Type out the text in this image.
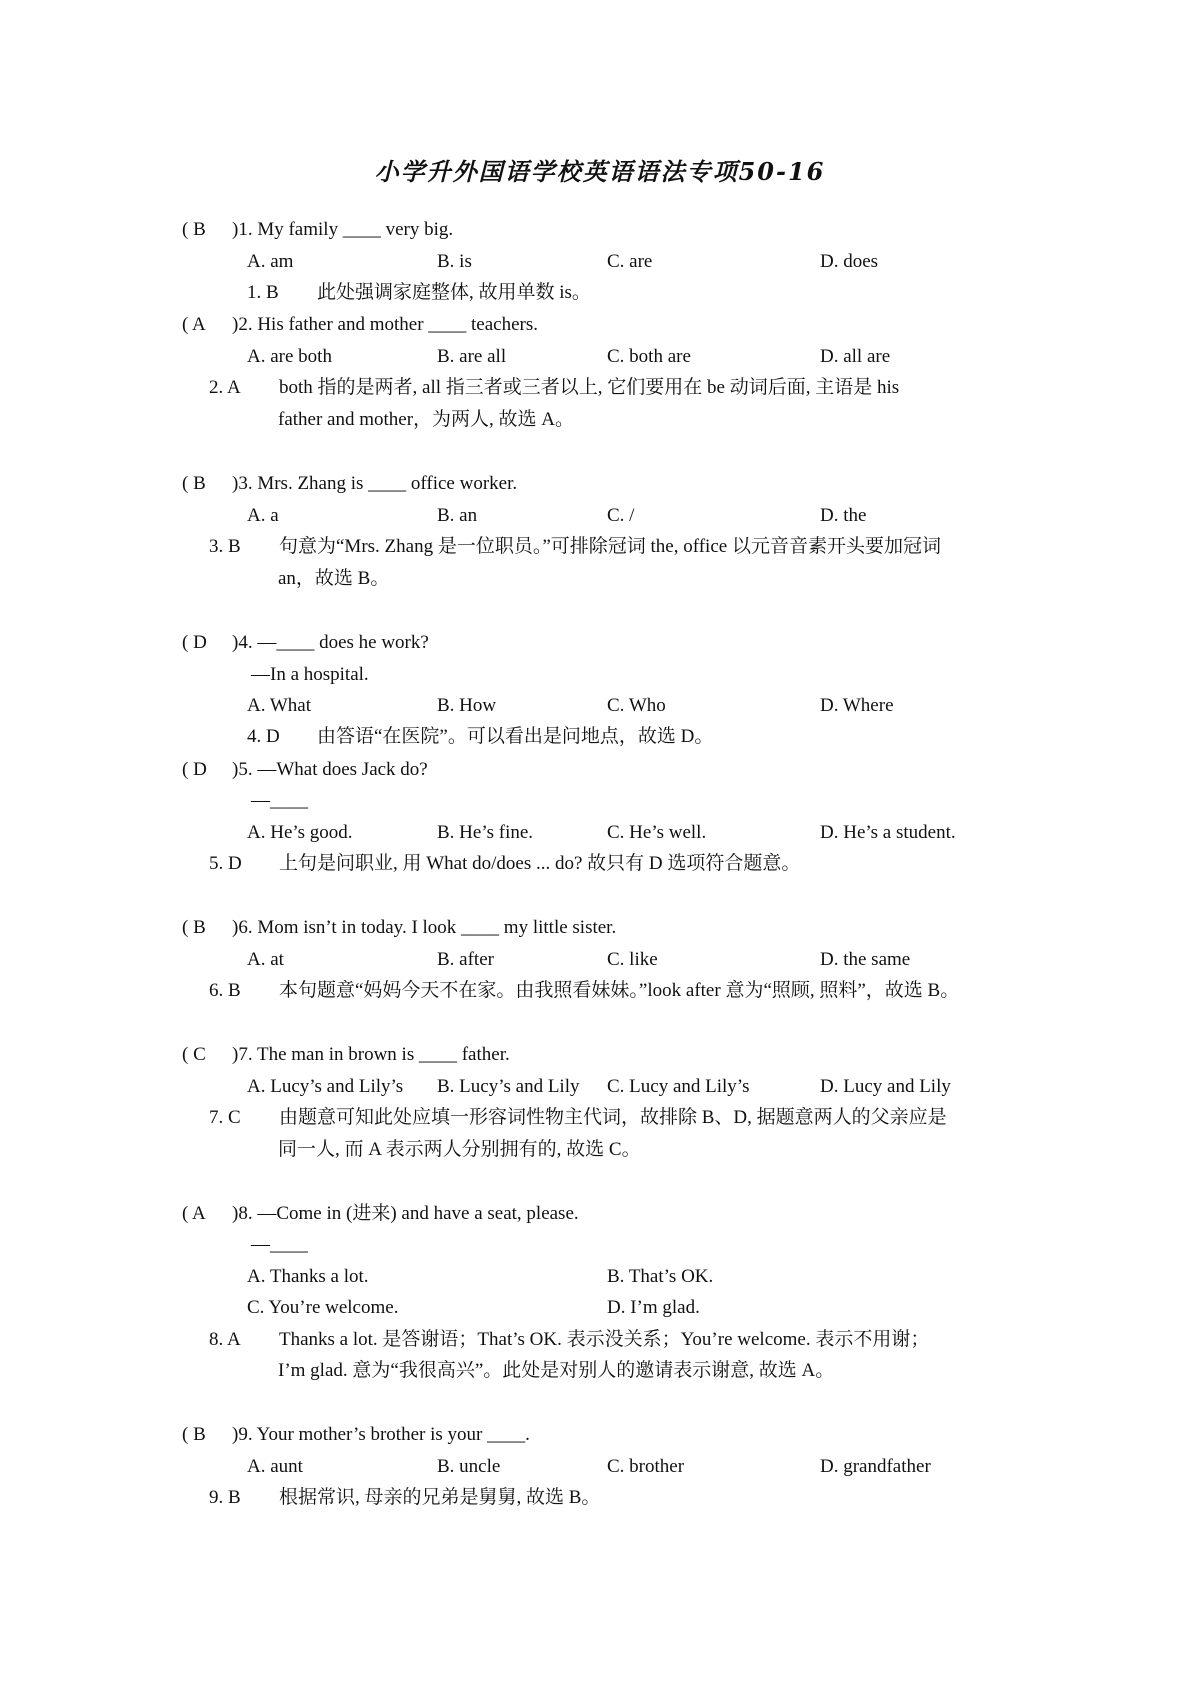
小学升外国语学校英语语法专项50-16
( B )1. My family ____ very big.
A. am	B. is	C. are	D. does
1. B 此处强调家庭整体, 故用单数 is。
( A )2. His father and mother ____ teachers.
A. are both	B. are all	C. both are	D. all are
2. A both 指的是两者, all 指三者或三者以上, 它们要用在 be 动词后面, 主语是 his
father and mother，为两人, 故选 A。
( B )3. Mrs. Zhang is ____ office worker.
A. a	B. an	C. /	D. the
3. B 句意为“Mrs. Zhang 是一位职员。”可排除冠词 the, office 以元音音素开头要加冠词
an，故选 B。
( D )4. —____ does he work?
—In a hospital.
A. What	B. How	C. Who	D. Where
4. D 由答语“在医院”。可以看出是问地点，故选 D。
( D )5. —What does Jack do?
—____
A. He’s good.	B. He’s fine.	C. He’s well.	D. He’s a student.
5. D 上句是问职业, 用 What do/does ... do? 故只有 D 选项符合题意。
( B )6. Mom isn’t in today. I look ____ my little sister.
A. at	B. after	C. like	D. the same
6. B 本句题意“妈妈今天不在家。由我照看妹妹。”look after 意为“照顾, 照料”，故选 B。
( C )7. The man in brown is ____ father.
A. Lucy’s and Lily’s B. Lucy’s and Lily C. Lucy and Lily’s	D. Lucy and Lily
7. C 由题意可知此处应填一形容词性物主代词，故排除 B、D, 据题意两人的父亲应是
同一人, 而 A 表示两人分别拥有的, 故选 C。
( A )8. —Come in (进来) and have a seat, please.
—____
A. Thanks a lot.	B. That’s OK.
C. You’re welcome.	D. I’m glad.
8. A Thanks a lot. 是答谢语；That’s OK. 表示没关系；You’re welcome. 表示不用谢；
I’m glad. 意为“我很高兴”。此处是对别人的邀请表示谢意, 故选 A。
( B )9. Your mother’s brother is your ____.
A. aunt	B. uncle	C. brother	D. grandfather
9. B 根据常识, 母亲的兄弟是舅舅, 故选 B。
